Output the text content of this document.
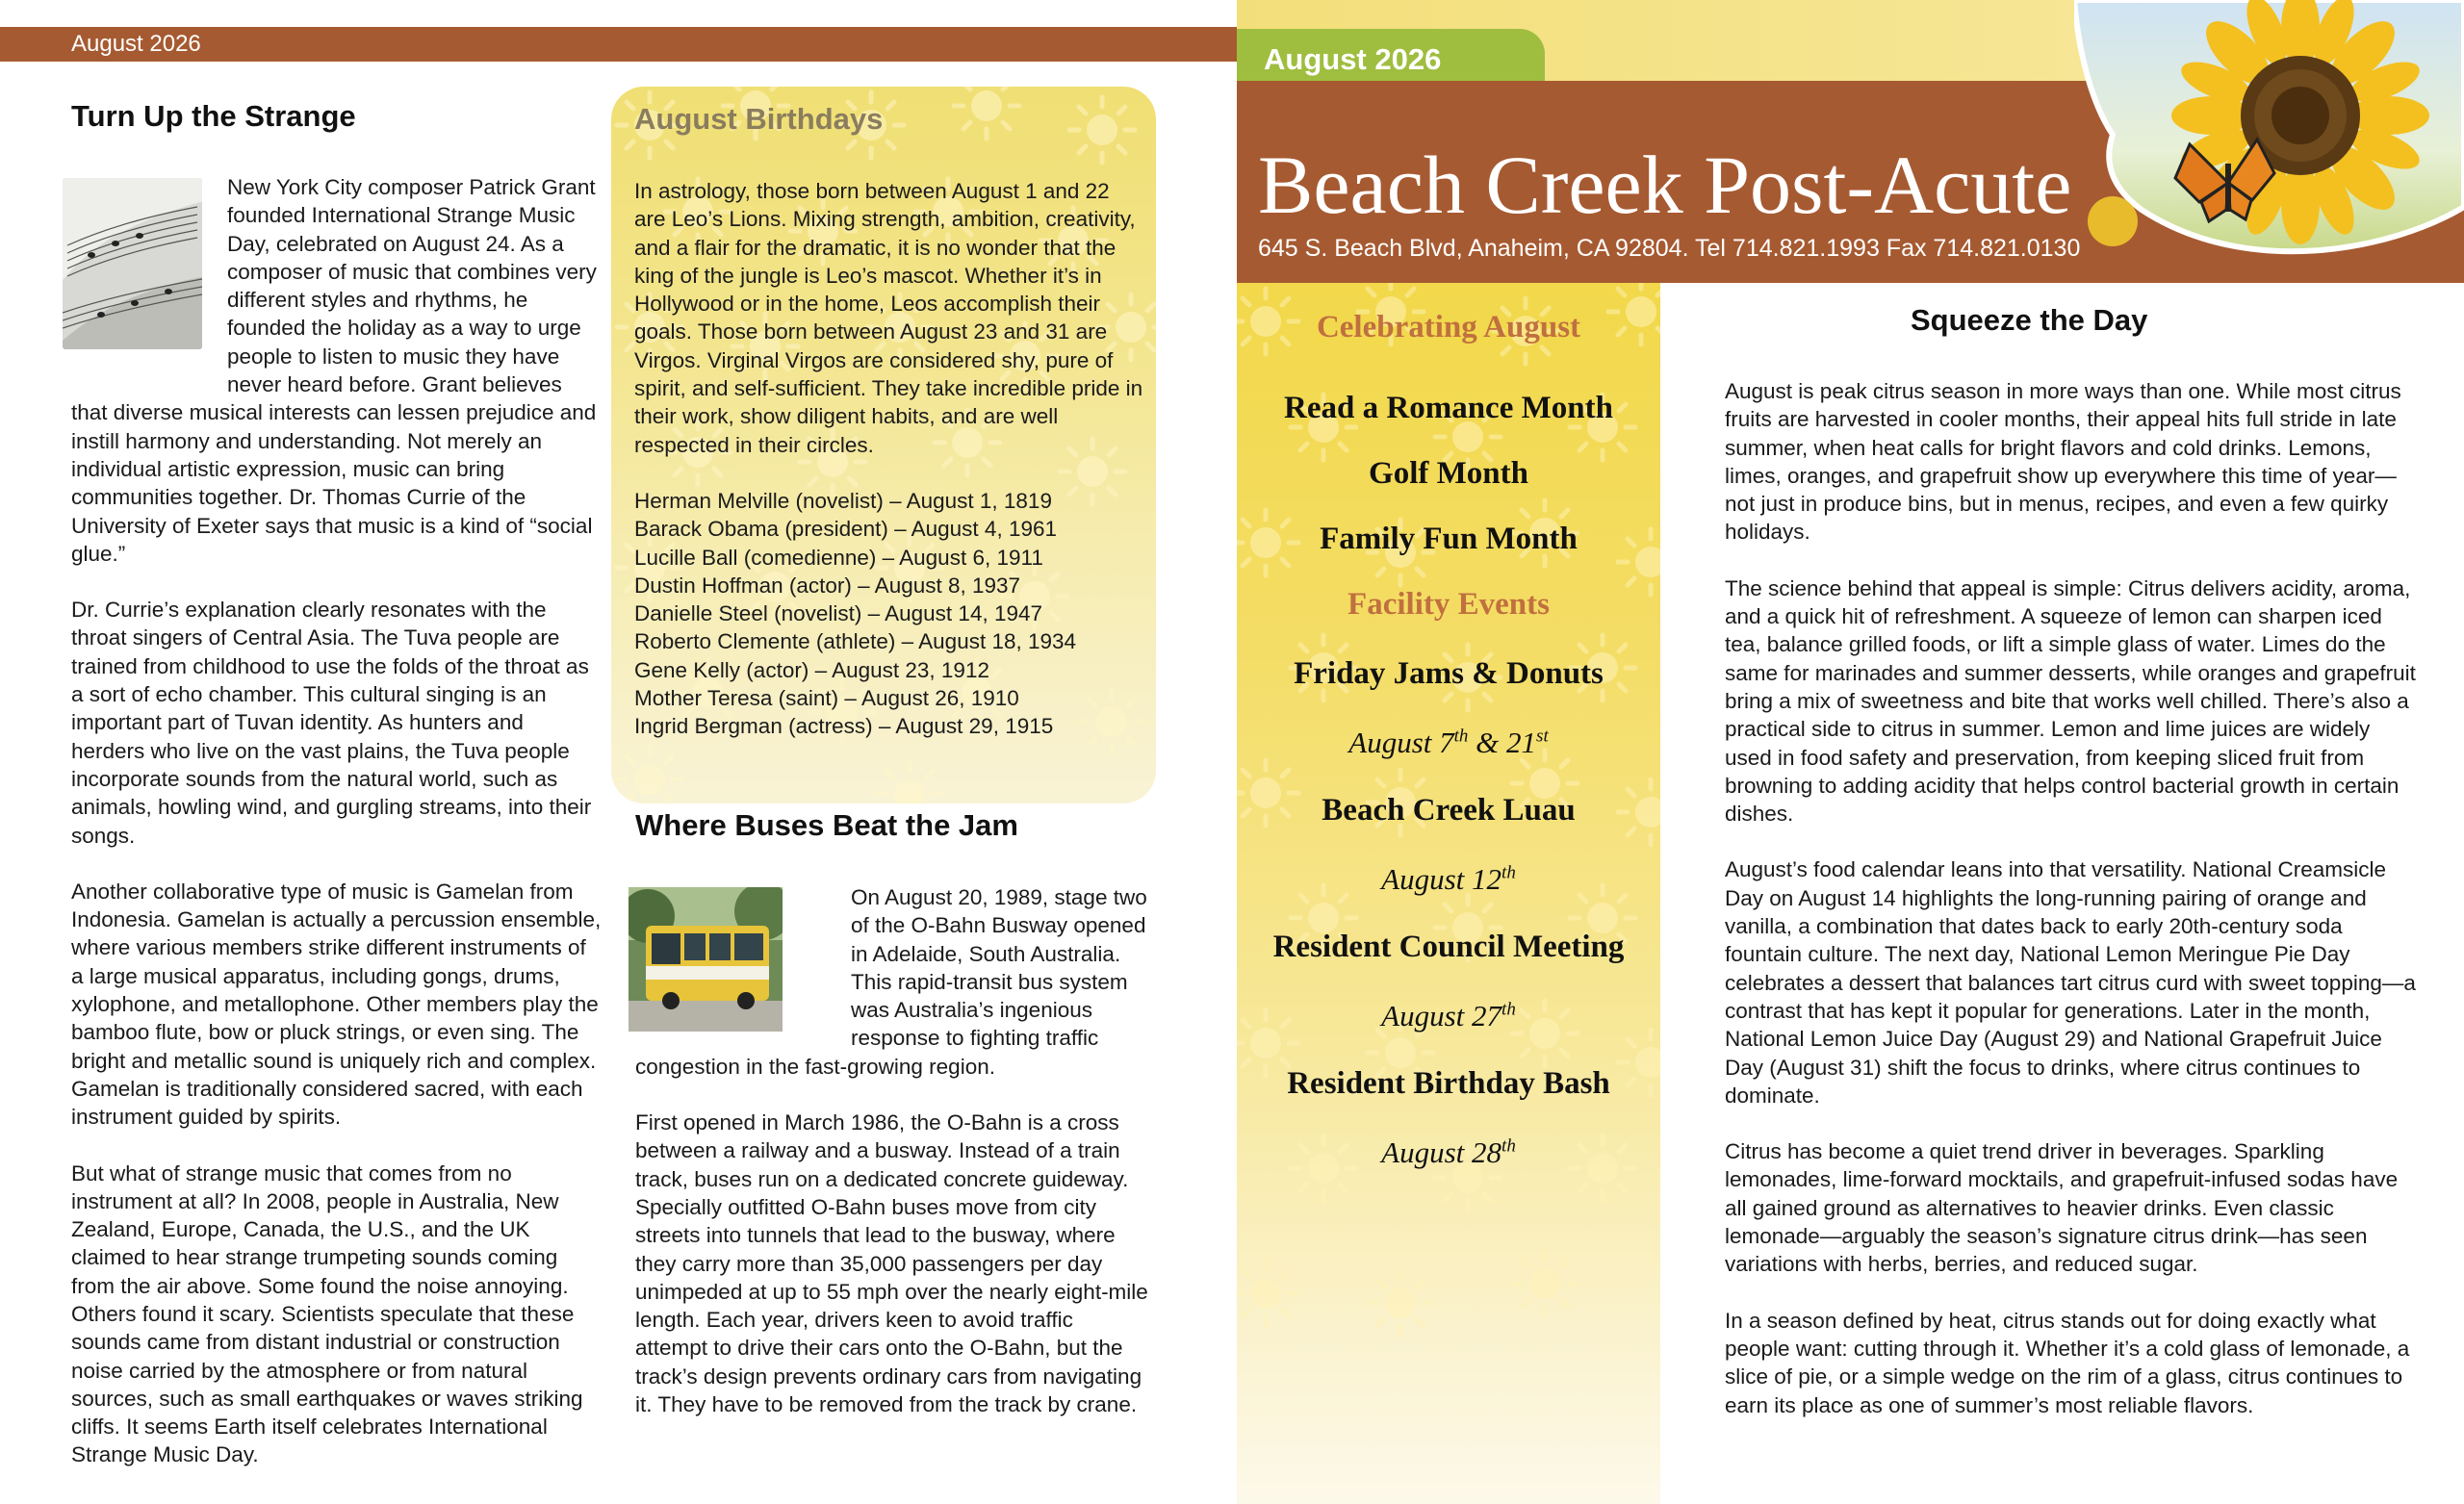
August 2026
Turn Up the Strange

New York City composer Patrick Grant founded International Strange Music Day, celebrated on August 24. As a composer of music that combines very different styles and rhythms, he founded the holiday as a way to urge people to listen to music they have never heard before. Grant believes that diverse musical interests can lessen prejudice and instill harmony and understanding. Not merely an individual artistic expression, music can bring communities together. Dr. Thomas Currie of the University of Exeter says that music is a kind of “social glue.”

Dr. Currie’s explanation clearly resonates with the throat singers of Central Asia. The Tuva people are trained from childhood to use the folds of the throat as a sort of echo chamber. This cultural singing is an important part of Tuvan identity. As hunters and herders who live on the vast plains, the Tuva people incorporate sounds from the natural world, such as animals, howling wind, and gurgling streams, into their songs.

Another collaborative type of music is Gamelan from Indonesia. Gamelan is actually a percussion ensemble, where various members strike different instruments of a large musical apparatus, including gongs, drums, xylophone, and metallophone. Other members play the bamboo flute, bow or pluck strings, or even sing. The bright and metallic sound is uniquely rich and complex. Gamelan is traditionally considered sacred, with each instrument guided by spirits.

But what of strange music that comes from no instrument at all? In 2008, people in Australia, New Zealand, Europe, Canada, the U.S., and the UK claimed to hear strange trumpeting sounds coming from the air above. Some found the noise annoying. Others found it scary. Scientists speculate that these sounds came from distant industrial or construction noise carried by the atmosphere or from natural sources, such as small earthquakes or waves striking cliffs. It seems Earth itself celebrates International Strange Music Day.

August Birthdays

In astrology, those born between August 1 and 22 are Leo’s Lions. Mixing strength, ambition, creativity, and a flair for the dramatic, it is no wonder that the king of the jungle is Leo’s mascot. Whether it’s in Hollywood or in the home, Leos accomplish their goals. Those born between August 23 and 31 are Virgos. Virginal Virgos are considered shy, pure of spirit, and self-sufficient. They take incredible pride in their work, show diligent habits, and are well respected in their circles.

Herman Melville (novelist) – August 1, 1819
Barack Obama (president) – August 4, 1961
Lucille Ball (comedienne) – August 6, 1911
Dustin Hoffman (actor) – August 8, 1937
Danielle Steel (novelist) – August 14, 1947
Roberto Clemente (athlete) – August 18, 1934
Gene Kelly (actor) – August 23, 1912
Mother Teresa (saint) – August 26, 1910
Ingrid Bergman (actress) – August 29, 1915
Where Buses Beat the Jam

On August 20, 1989, stage two of the O-Bahn Busway opened in Adelaide, South Australia. This rapid-transit bus system was Australia’s ingenious response to fighting traffic congestion in the fast-growing region.

First opened in March 1986, the O-Bahn is a cross between a railway and a busway. Instead of a train track, buses run on a dedicated concrete guideway. Specially outfitted O-Bahn buses move from city streets into tunnels that lead to the busway, where they carry more than 35,000 passengers per day unimpeded at up to 55 mph over the nearly eight-mile length. Each year, drivers keen to avoid traffic attempt to drive their cars onto the O-Bahn, but the track’s design prevents ordinary cars from navigating it. They have to be removed from the track by crane.

August 2026
Beach Creek Post-Acute
645 S. Beach Blvd, Anaheim, CA 92804. Tel 714.821.1993 Fax 714.821.0130
Celebrating August
Read a Romance Month
Golf Month
Family Fun Month
Facility Events
Friday Jams & Donuts
August 7th & 21st
Beach Creek Luau
August 12th
Resident Council Meeting
August 27th
Resident Birthday Bash
August 28th
Squeeze the Day

August is peak citrus season in more ways than one. While most citrus fruits are harvested in cooler months, their appeal hits full stride in late summer, when heat calls for bright flavors and cold drinks. Lemons, limes, oranges, and grapefruit show up everywhere this time of year—not just in produce bins, but in menus, recipes, and even a few quirky holidays.

The science behind that appeal is simple: Citrus delivers acidity, aroma, and a quick hit of refreshment. A squeeze of lemon can sharpen iced tea, balance grilled foods, or lift a simple glass of water. Limes do the same for marinades and summer desserts, while oranges and grapefruit bring a mix of sweetness and bite that works well chilled. There’s also a practical side to citrus in summer. Lemon and lime juices are widely used in food safety and preservation, from keeping sliced fruit from browning to adding acidity that helps control bacterial growth in certain dishes.

August’s food calendar leans into that versatility. National Creamsicle Day on August 14 highlights the long-running pairing of orange and vanilla, a combination that dates back to early 20th-century soda fountain culture. The next day, National Lemon Meringue Pie Day celebrates a dessert that balances tart citrus curd with sweet topping—a contrast that has kept it popular for generations. Later in the month, National Lemon Juice Day (August 29) and National Grapefruit Juice Day (August 31) shift the focus to drinks, where citrus continues to dominate.

Citrus has become a quiet trend driver in beverages. Sparkling lemonades, lime-forward mocktails, and grapefruit-infused sodas have all gained ground as alternatives to heavier drinks. Even classic lemonade—arguably the season’s signature citrus drink—has seen variations with herbs, berries, and reduced sugar.

In a season defined by heat, citrus stands out for doing exactly what people want: cutting through it. Whether it’s a cold glass of lemonade, a slice of pie, or a simple wedge on the rim of a glass, citrus continues to earn its place as one of summer’s most reliable flavors.
